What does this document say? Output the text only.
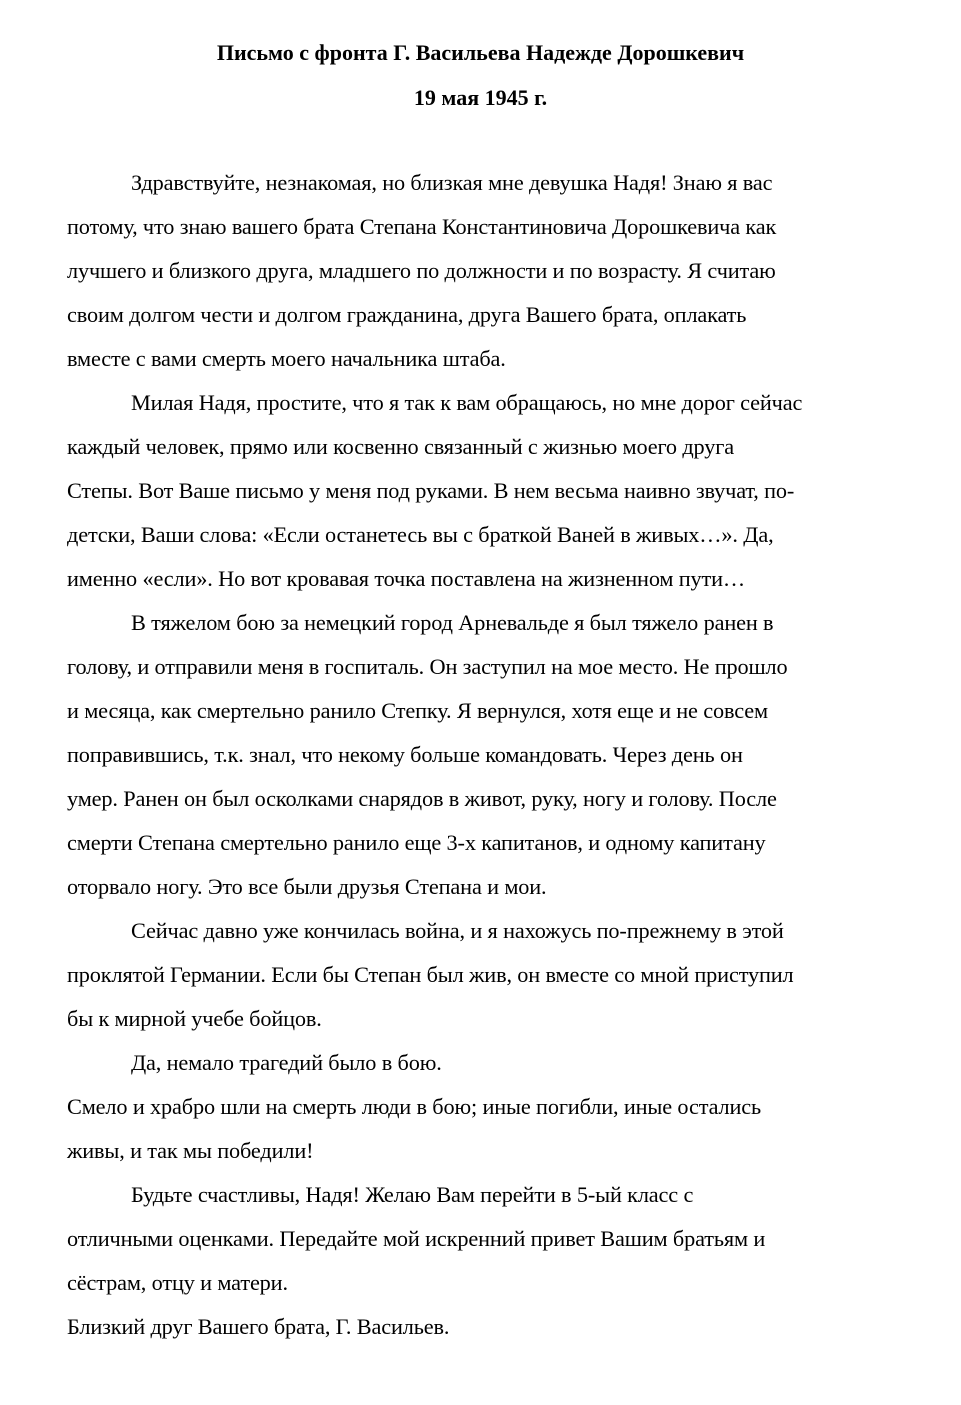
Письмо с фронта Г. Васильева Надежде Дорошкевич
19 мая 1945 г.
Здравствуйте, незнакомая, но близкая мне девушка Надя! Знаю я вас
потому, что знаю вашего брата Степана Константиновича Дорошкевича как
лучшего и близкого друга, младшего по должности и по возрасту. Я считаю
своим долгом чести и долгом гражданина, друга Вашего брата, оплакать
вместе с вами смерть моего начальника штаба.
Милая Надя, простите, что я так к вам обращаюсь, но мне дорог сейчас
каждый человек, прямо или косвенно связанный с жизнью моего друга
Степы. Вот Ваше письмо у меня под руками. В нем весьма наивно звучат, по-
детски, Ваши слова: «Если останетесь вы с браткой Ваней в живых…». Да,
именно «если». Но вот кровавая точка поставлена на жизненном пути…
В тяжелом бою за немецкий город Арневальде я был тяжело ранен в
голову, и отправили меня в госпиталь. Он заступил на мое место. Не прошло
и месяца, как смертельно ранило Степку. Я вернулся, хотя еще и не совсем
поправившись, т.к. знал, что некому больше командовать. Через день он
умер. Ранен он был осколками снарядов в живот, руку, ногу и голову. После
смерти Степана смертельно ранило еще 3-х капитанов, и одному капитану
оторвало ногу. Это все были друзья Степана и мои.
Сейчас давно уже кончилась война, и я нахожусь по-прежнему в этой
проклятой Германии. Если бы Степан был жив, он вместе со мной приступил
бы к мирной учебе бойцов.
Да, немало трагедий было в бою.
Смело и храбро шли на смерть люди в бою; иные погибли, иные остались
живы, и так мы победили!
Будьте счастливы, Надя! Желаю Вам перейти в 5-ый класс с
отличными оценками. Передайте мой искренний привет Вашим братьям и
сёстрам, отцу и матери.
Близкий друг Вашего брата, Г. Васильев.
